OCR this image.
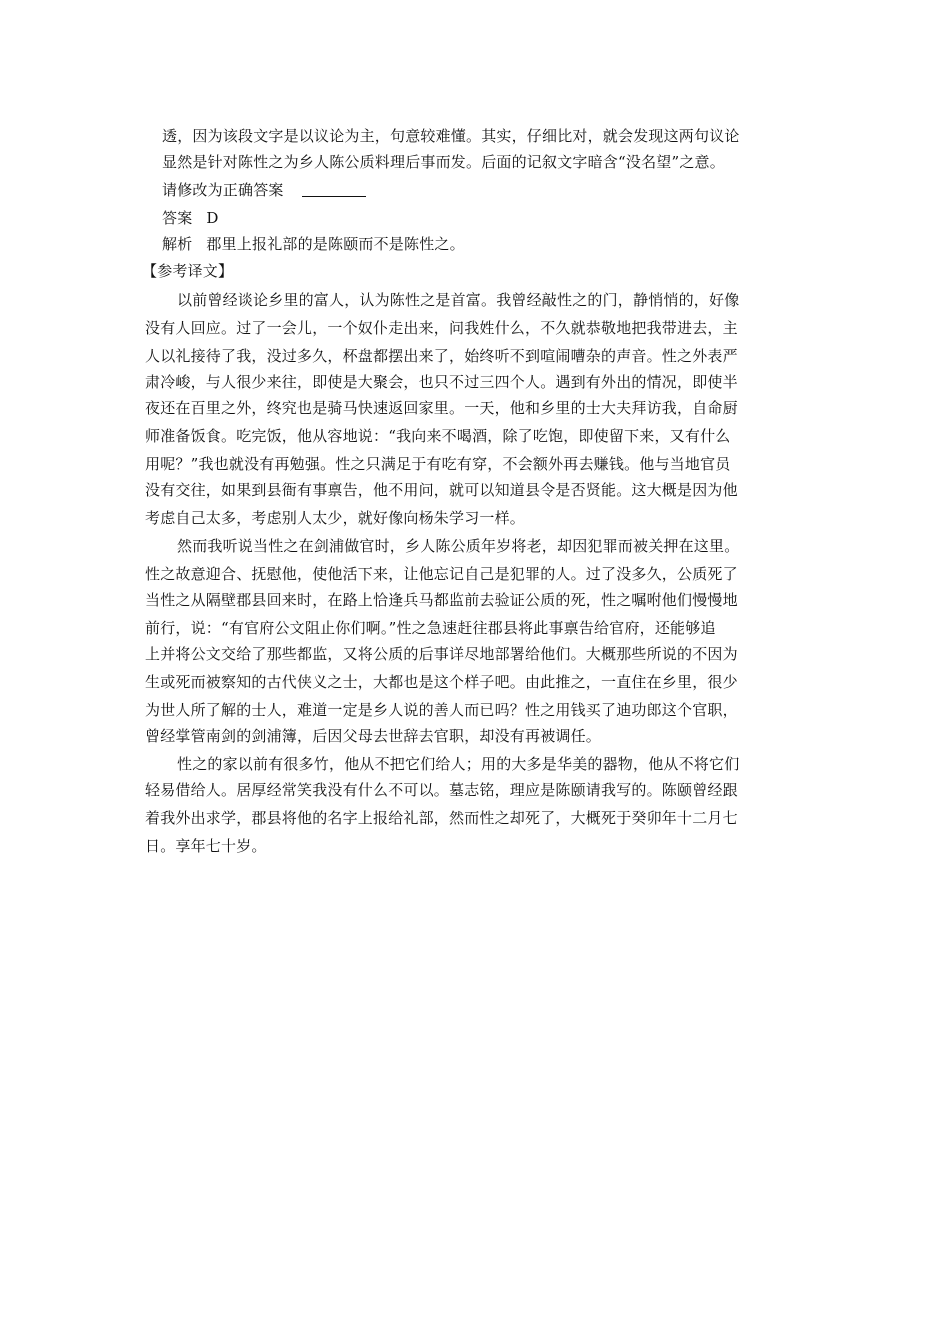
透，因为该段文字是以议论为主，句意较难懂。其实，仔细比对，就会发现这两句议论
显然是针对陈性之为乡人陈公质料理后事而发。后面的记叙文字暗含“没名望”之意。
请修改为正确答案
答案 D
解析 郡里上报礼部的是陈颐而不是陈性之。
【参考译文】
以前曾经谈论乡里的富人，认为陈性之是首富。我曾经敲性之的门，静悄悄的，好像
没有人回应。过了一会儿，一个奴仆走出来，问我姓什么，不久就恭敬地把我带进去，主
人以礼接待了我，没过多久，杯盘都摆出来了，始终听不到喧闹嘈杂的声音。性之外表严
肃冷峻，与人很少来往，即使是大聚会，也只不过三四个人。遇到有外出的情况，即使半
夜还在百里之外，终究也是骑马快速返回家里。一天，他和乡里的士大夫拜访我，自命厨
师准备饭食。吃完饭，他从容地说：“我向来不喝酒，除了吃饱，即使留下来，又有什么
用呢？”我也就没有再勉强。性之只满足于有吃有穿，不会额外再去赚钱。他与当地官员
没有交往，如果到县衙有事禀告，他不用问，就可以知道县令是否贤能。这大概是因为他
考虑自己太多，考虑别人太少，就好像向杨朱学习一样。
然而我听说当性之在剑浦做官时，乡人陈公质年岁将老，却因犯罪而被关押在这里。
性之故意迎合、抚慰他，使他活下来，让他忘记自己是犯罪的人。过了没多久，公质死了
当性之从隔壁郡县回来时，在路上恰逢兵马都监前去验证公质的死，性之嘱咐他们慢慢地
前行，说：“有官府公文阻止你们啊。”性之急速赶往郡县将此事禀告给官府，还能够追
上并将公文交给了那些都监，又将公质的后事详尽地部署给他们。大概那些所说的不因为
生或死而被察知的古代侠义之士，大都也是这个样子吧。由此推之，一直住在乡里，很少
为世人所了解的士人，难道一定是乡人说的善人而已吗？性之用钱买了迪功郎这个官职，
曾经掌管南剑的剑浦簿，后因父母去世辞去官职，却没有再被调任。
性之的家以前有很多竹，他从不把它们给人；用的大多是华美的器物，他从不将它们
轻易借给人。居厚经常笑我没有什么不可以。墓志铭，理应是陈颐请我写的。陈颐曾经跟
着我外出求学，郡县将他的名字上报给礼部，然而性之却死了，大概死于癸卯年十二月七
日。享年七十岁。
